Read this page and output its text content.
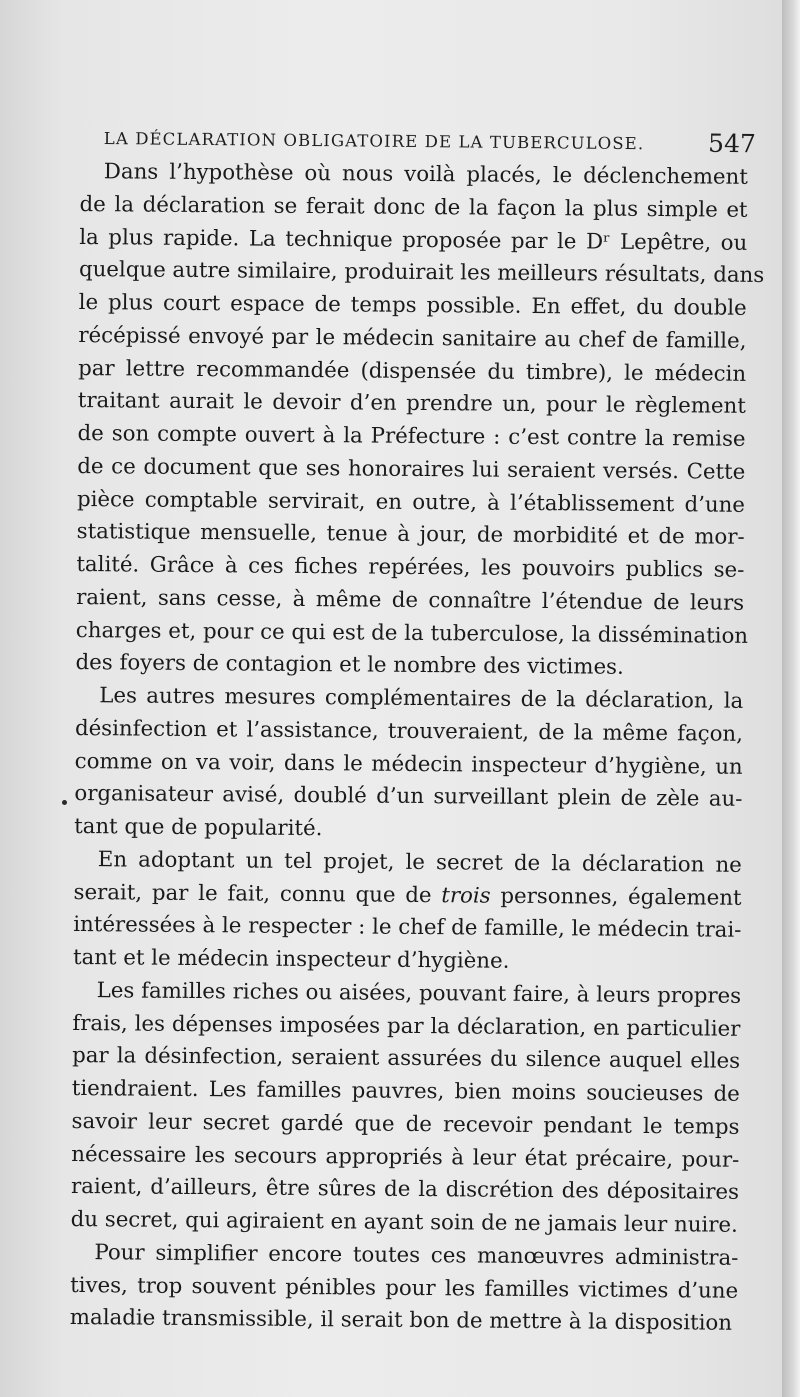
LA DÉCLARATION OBLIGATOIRE DE LA TUBERCULOSE.	547

Dans l’hypothèse où nous voilà placés, le déclenchement
de la déclaration se ferait donc de la façon la plus simple et
la plus rapide. La technique proposée par le Dʳ Lepêtre, ou
quelque autre similaire, produirait les meilleurs résultats, dans
le plus court espace de temps possible. En effet, du double
récépissé envoyé par le médecin sanitaire au chef de famille,
par lettre recommandée (dispensée du timbre), le médecin
traitant aurait le devoir d’en prendre un, pour le règlement
de son compte ouvert à la Préfecture : c’est contre la remise
de ce document que ses honoraires lui seraient versés. Cette
pièce comptable servirait, en outre, à l’établissement d’une
statistique mensuelle, tenue à jour, de morbidité et de mor-
talité. Grâce à ces fiches repérées, les pouvoirs publics se-
raient, sans cesse, à même de connaître l’étendue de leurs
charges et, pour ce qui est de la tuberculose, la dissémination
des foyers de contagion et le nombre des victimes.

Les autres mesures complémentaires de la déclaration, la
désinfection et l’assistance, trouveraient, de la même façon,
comme on va voir, dans le médecin inspecteur d’hygiène, un
organisateur avisé, doublé d’un surveillant plein de zèle au-
tant que de popularité.

En adoptant un tel projet, le secret de la déclaration ne
serait, par le fait, connu que de trois personnes, également
intéressées à le respecter : le chef de famille, le médecin trai-
tant et le médecin inspecteur d’hygiène.

Les familles riches ou aisées, pouvant faire, à leurs propres
frais, les dépenses imposées par la déclaration, en particulier
par la désinfection, seraient assurées du silence auquel elles
tiendraient. Les familles pauvres, bien moins soucieuses de
savoir leur secret gardé que de recevoir pendant le temps
nécessaire les secours appropriés à leur état précaire, pour-
raient, d’ailleurs, être sûres de la discrétion des dépositaires
du secret, qui agiraient en ayant soin de ne jamais leur nuire.

Pour simplifier encore toutes ces manœuvres administra-
tives, trop souvent pénibles pour les familles victimes d’une
maladie transmissible, il serait bon de mettre à la disposition
